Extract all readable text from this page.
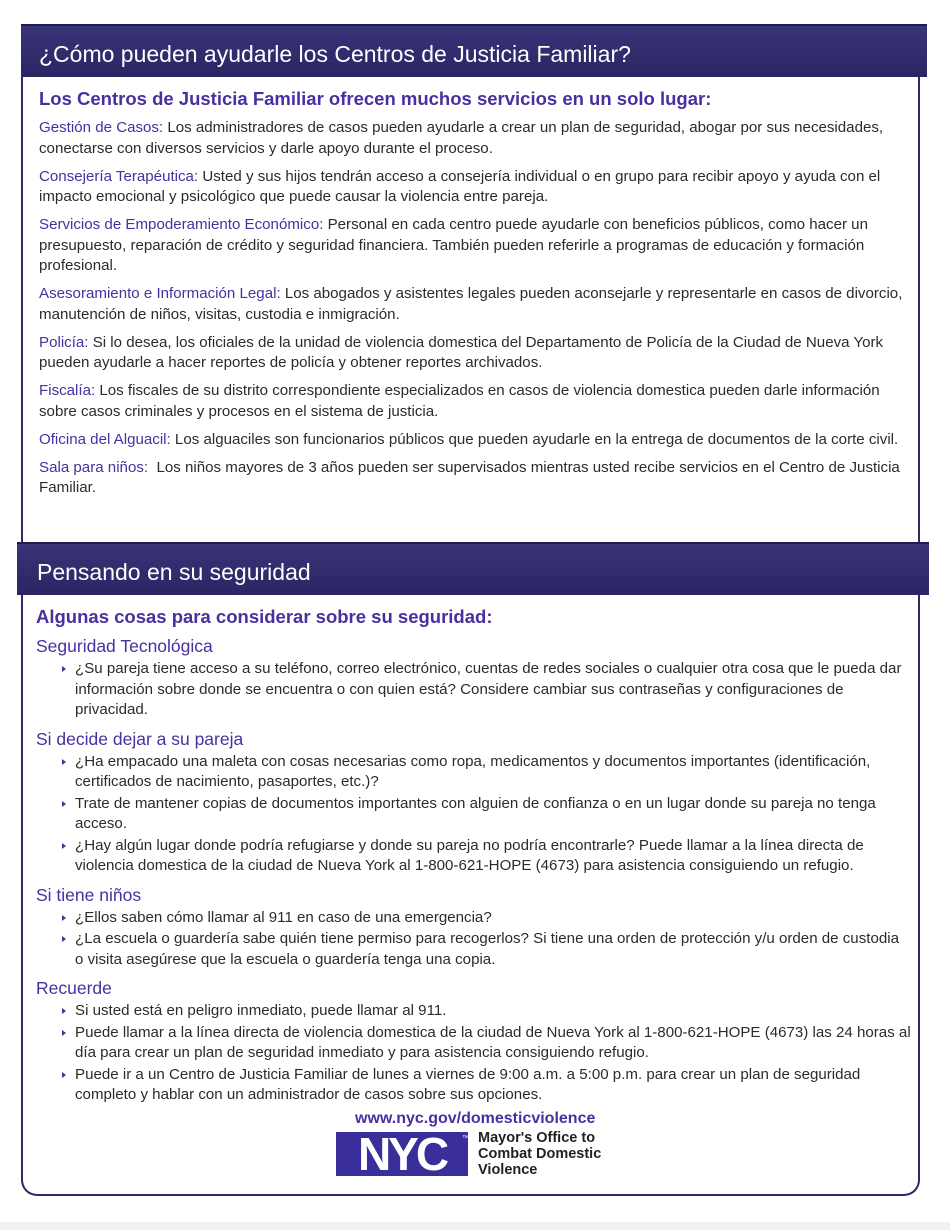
¿Cómo pueden ayudarle los Centros de Justicia Familiar?
Los Centros de Justicia Familiar ofrecen muchos servicios en un solo lugar:
Gestión de Casos: Los administradores de casos pueden ayudarle a crear un plan de seguridad, abogar por sus necesidades, conectarse con diversos servicios y darle apoyo durante el proceso.
Consejería Terapéutica: Usted y sus hijos tendrán acceso a consejería individual o en grupo para recibir apoyo y ayuda con el impacto emocional y psicológico que puede causar la violencia entre pareja.
Servicios de Empoderamiento Económico: Personal en cada centro puede ayudarle con beneficios públicos, como hacer un presupuesto, reparación de crédito y seguridad financiera. También pueden referirle a programas de educación y formación profesional.
Asesoramiento e Información Legal: Los abogados y asistentes legales pueden aconsejarle y representarle en casos de divorcio, manutención de niños, visitas, custodia e inmigración.
Policía: Si lo desea, los oficiales de la unidad de violencia domestica del Departamento de Policía de la Ciudad de Nueva York pueden ayudarle a hacer reportes de policía y obtener reportes archivados.
Fiscalía: Los fiscales de su distrito correspondiente especializados en casos de violencia domestica pueden darle información sobre casos criminales y procesos en el sistema de justicia.
Oficina del Alguacil: Los alguaciles son funcionarios públicos que pueden ayudarle en la entrega de documentos de la corte civil.
Sala para niños:  Los niños mayores de 3 años pueden ser supervisados mientras usted recibe servicios en el Centro de Justicia Familiar.
Pensando en su seguridad
Algunas cosas para considerar sobre su seguridad:
Seguridad Tecnológica
¿Su pareja tiene acceso a su teléfono, correo electrónico, cuentas de redes sociales o cualquier otra cosa que le pueda dar información sobre donde se encuentra o con quien está? Considere cambiar sus contraseñas y configuraciones de privacidad.
Si decide dejar a su pareja
¿Ha empacado una maleta con cosas necesarias como ropa, medicamentos y documentos importantes (identificación, certificados de nacimiento, pasaportes, etc.)?
Trate de mantener copias de documentos importantes con alguien de confianza o en un lugar donde su pareja no tenga acceso.
¿Hay algún lugar donde podría refugiarse y donde su pareja no podría encontrarle? Puede llamar a la línea directa de violencia domestica de la ciudad de Nueva York al 1-800-621-HOPE (4673) para asistencia consiguiendo un refugio.
Si tiene niños
¿Ellos saben cómo llamar al 911 en caso de una emergencia?
¿La escuela o guardería sabe quién tiene permiso para recogerlos? Si tiene una orden de protección y/u orden de custodia o visita asegúrese que la escuela o guardería tenga una copia.
Recuerde
Si usted está en peligro inmediato, puede llamar al 911.
Puede llamar a la línea directa de violencia domestica de la ciudad de Nueva York al 1-800-621-HOPE (4673) las 24 horas al día para crear un plan de seguridad inmediato y para asistencia consiguiendo refugio.
Puede ir a un Centro de Justicia Familiar de lunes a viernes de 9:00 a.m. a 5:00 p.m. para crear un plan de seguridad completo y hablar con un administrador de casos sobre sus opciones.
www.nyc.gov/domesticviolence
NYC ™ Mayor's Office to
Combat Domestic
Violence
